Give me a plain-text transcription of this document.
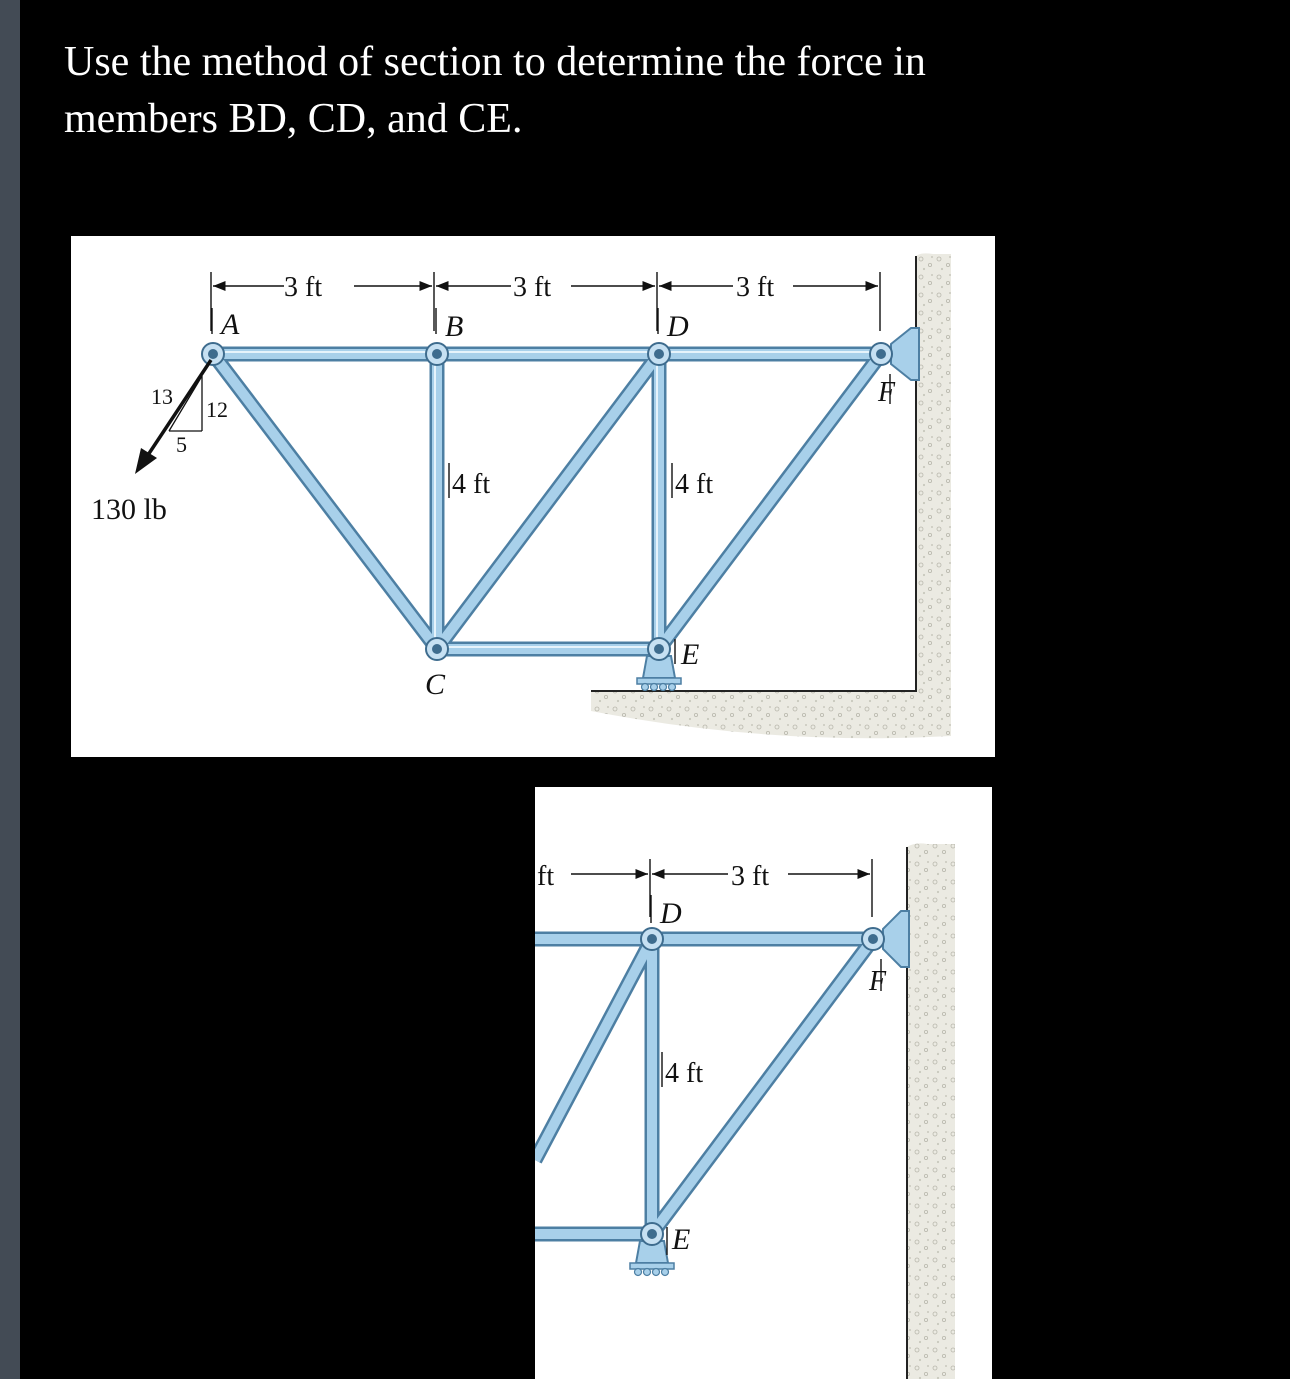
Use the method of section to determine the force in
members BD, CD, and CE.
3 ft	3 ft	3 ft
4 ft	4 ft
A	B	D
F
C
E
13
12
5
130 lb
ft	3 ft
4 ft
D
F
E
